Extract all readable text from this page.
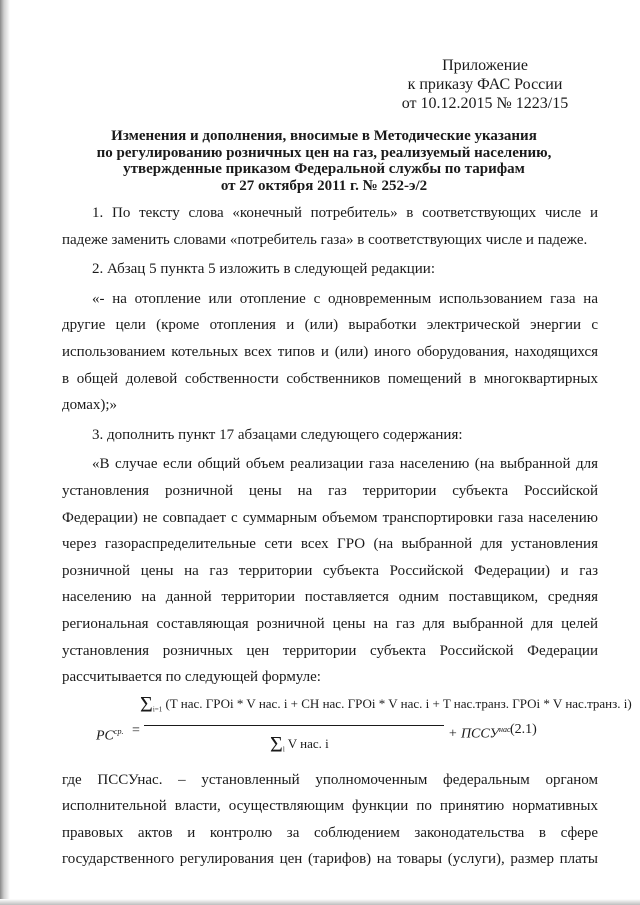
Приложение
к приказу ФАС России
от 10.12.2015 № 1223/15
Изменения и дополнения, вносимые в Методические указания
по регулированию розничных цен на газ, реализуемый населению,
утвержденные приказом Федеральной службы по тарифам
от 27 октября 2011 г. № 252-э/2
1. По тексту слова «конечный потребитель» в соответствующих числе и
падеже заменить словами «потребитель газа» в соответствующих числе и падеже.
2. Абзац 5 пункта 5 изложить в следующей редакции:
«- на отопление или отопление с одновременным использованием газа на
другие цели (кроме отопления и (или) выработки электрической энергии с
использованием котельных всех типов и (или) иного оборудования, находящихся
в общей долевой собственности собственников помещений в многоквартирных
домах);»
3. дополнить пункт 17 абзацами следующего содержания:
«В случае если общий объем реализации газа населению (на выбранной для
установления розничной цены на газ территории субъекта Российской
Федерации) не совпадает с суммарным объемом транспортировки газа населению
через газораспределительные сети всех ГРО (на выбранной для установления
розничной цены на газ территории субъекта Российской Федерации) и газ
населению на данной территории поставляется одним поставщиком, средняя
региональная составляющая розничной цены на газ для выбранной для целей
установления розничных цен территории субъекта Российской Федерации
рассчитывается по следующей формуле:
$PC^{ср.}$ =
$\Sigma_{i=1}$ (T нас. ГРОi * V нас. i + CH нас. ГРОi * V нас. i + T нас.транз. ГРОi * V нас.транз. i)
$\Sigma_l$ V нас. i
+ $ПССУ^{нас.}$
(2.1)
где ПССУнас. – установленный уполномоченным федеральным органом
исполнительной власти, осуществляющим функции по принятию нормативных
правовых актов и контролю за соблюдением законодательства в сфере
государственного регулирования цен (тарифов) на товары (услуги), размер платы
